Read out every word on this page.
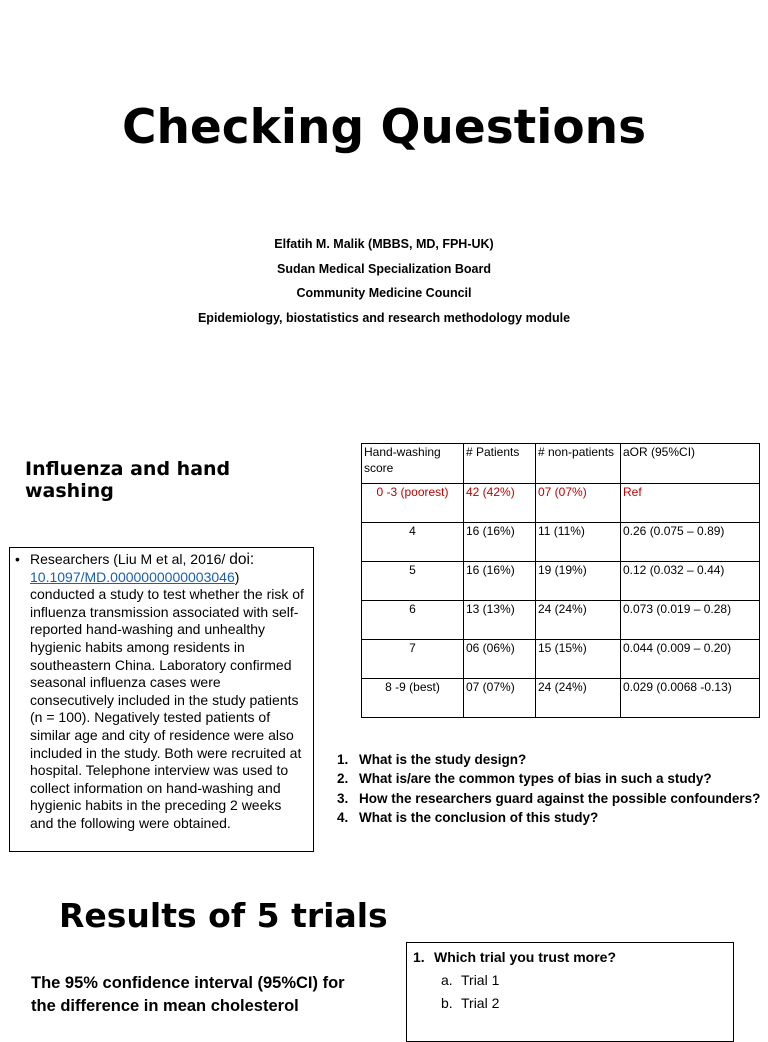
Checking Questions
Elfatih M. Malik (MBBS, MD, FPH-UK)
Sudan Medical Specialization Board
Community Medicine Council
Epidemiology, biostatistics and research methodology module
Influenza and hand washing
• Researchers (Liu M et al, 2016/ doi:
10.1097/MD.0000000000003046) conducted a study to test whether the risk of influenza transmission associated with self-reported hand-washing and unhealthy hygienic habits among residents in southeastern China. Laboratory confirmed seasonal influenza cases were consecutively included in the study patients (n = 100). Negatively tested patients of similar age and city of residence were also included in the study. Both were recruited at hospital. Telephone interview was used to collect information on hand-washing and hygienic habits in the preceding 2 weeks and the following were obtained.
Hand-washing score	# Patients	# non-patients	aOR (95%CI)
0 -3 (poorest)	42 (42%)	07 (07%)	Ref
4	16 (16%)	11 (11%)	0.26 (0.075 – 0.89)
5	16 (16%)	19 (19%)	0.12 (0.032 – 0.44)
6	13 (13%)	24 (24%)	0.073 (0.019 – 0.28)
7	06 (06%)	15 (15%)	0.044 (0.009 – 0.20)
8 -9 (best)	07 (07%)	24 (24%)	0.029 (0.0068 -0.13)
1. What is the study design?
2. What is/are the common types of bias in such a study?
3. How the researchers guard against the possible confounders?
4. What is the conclusion of this study?
Results of 5 trials
The 95% confidence interval (95%CI) for the difference in mean cholesterol
1. Which trial you trust more?
a. Trial 1
b. Trial 2
